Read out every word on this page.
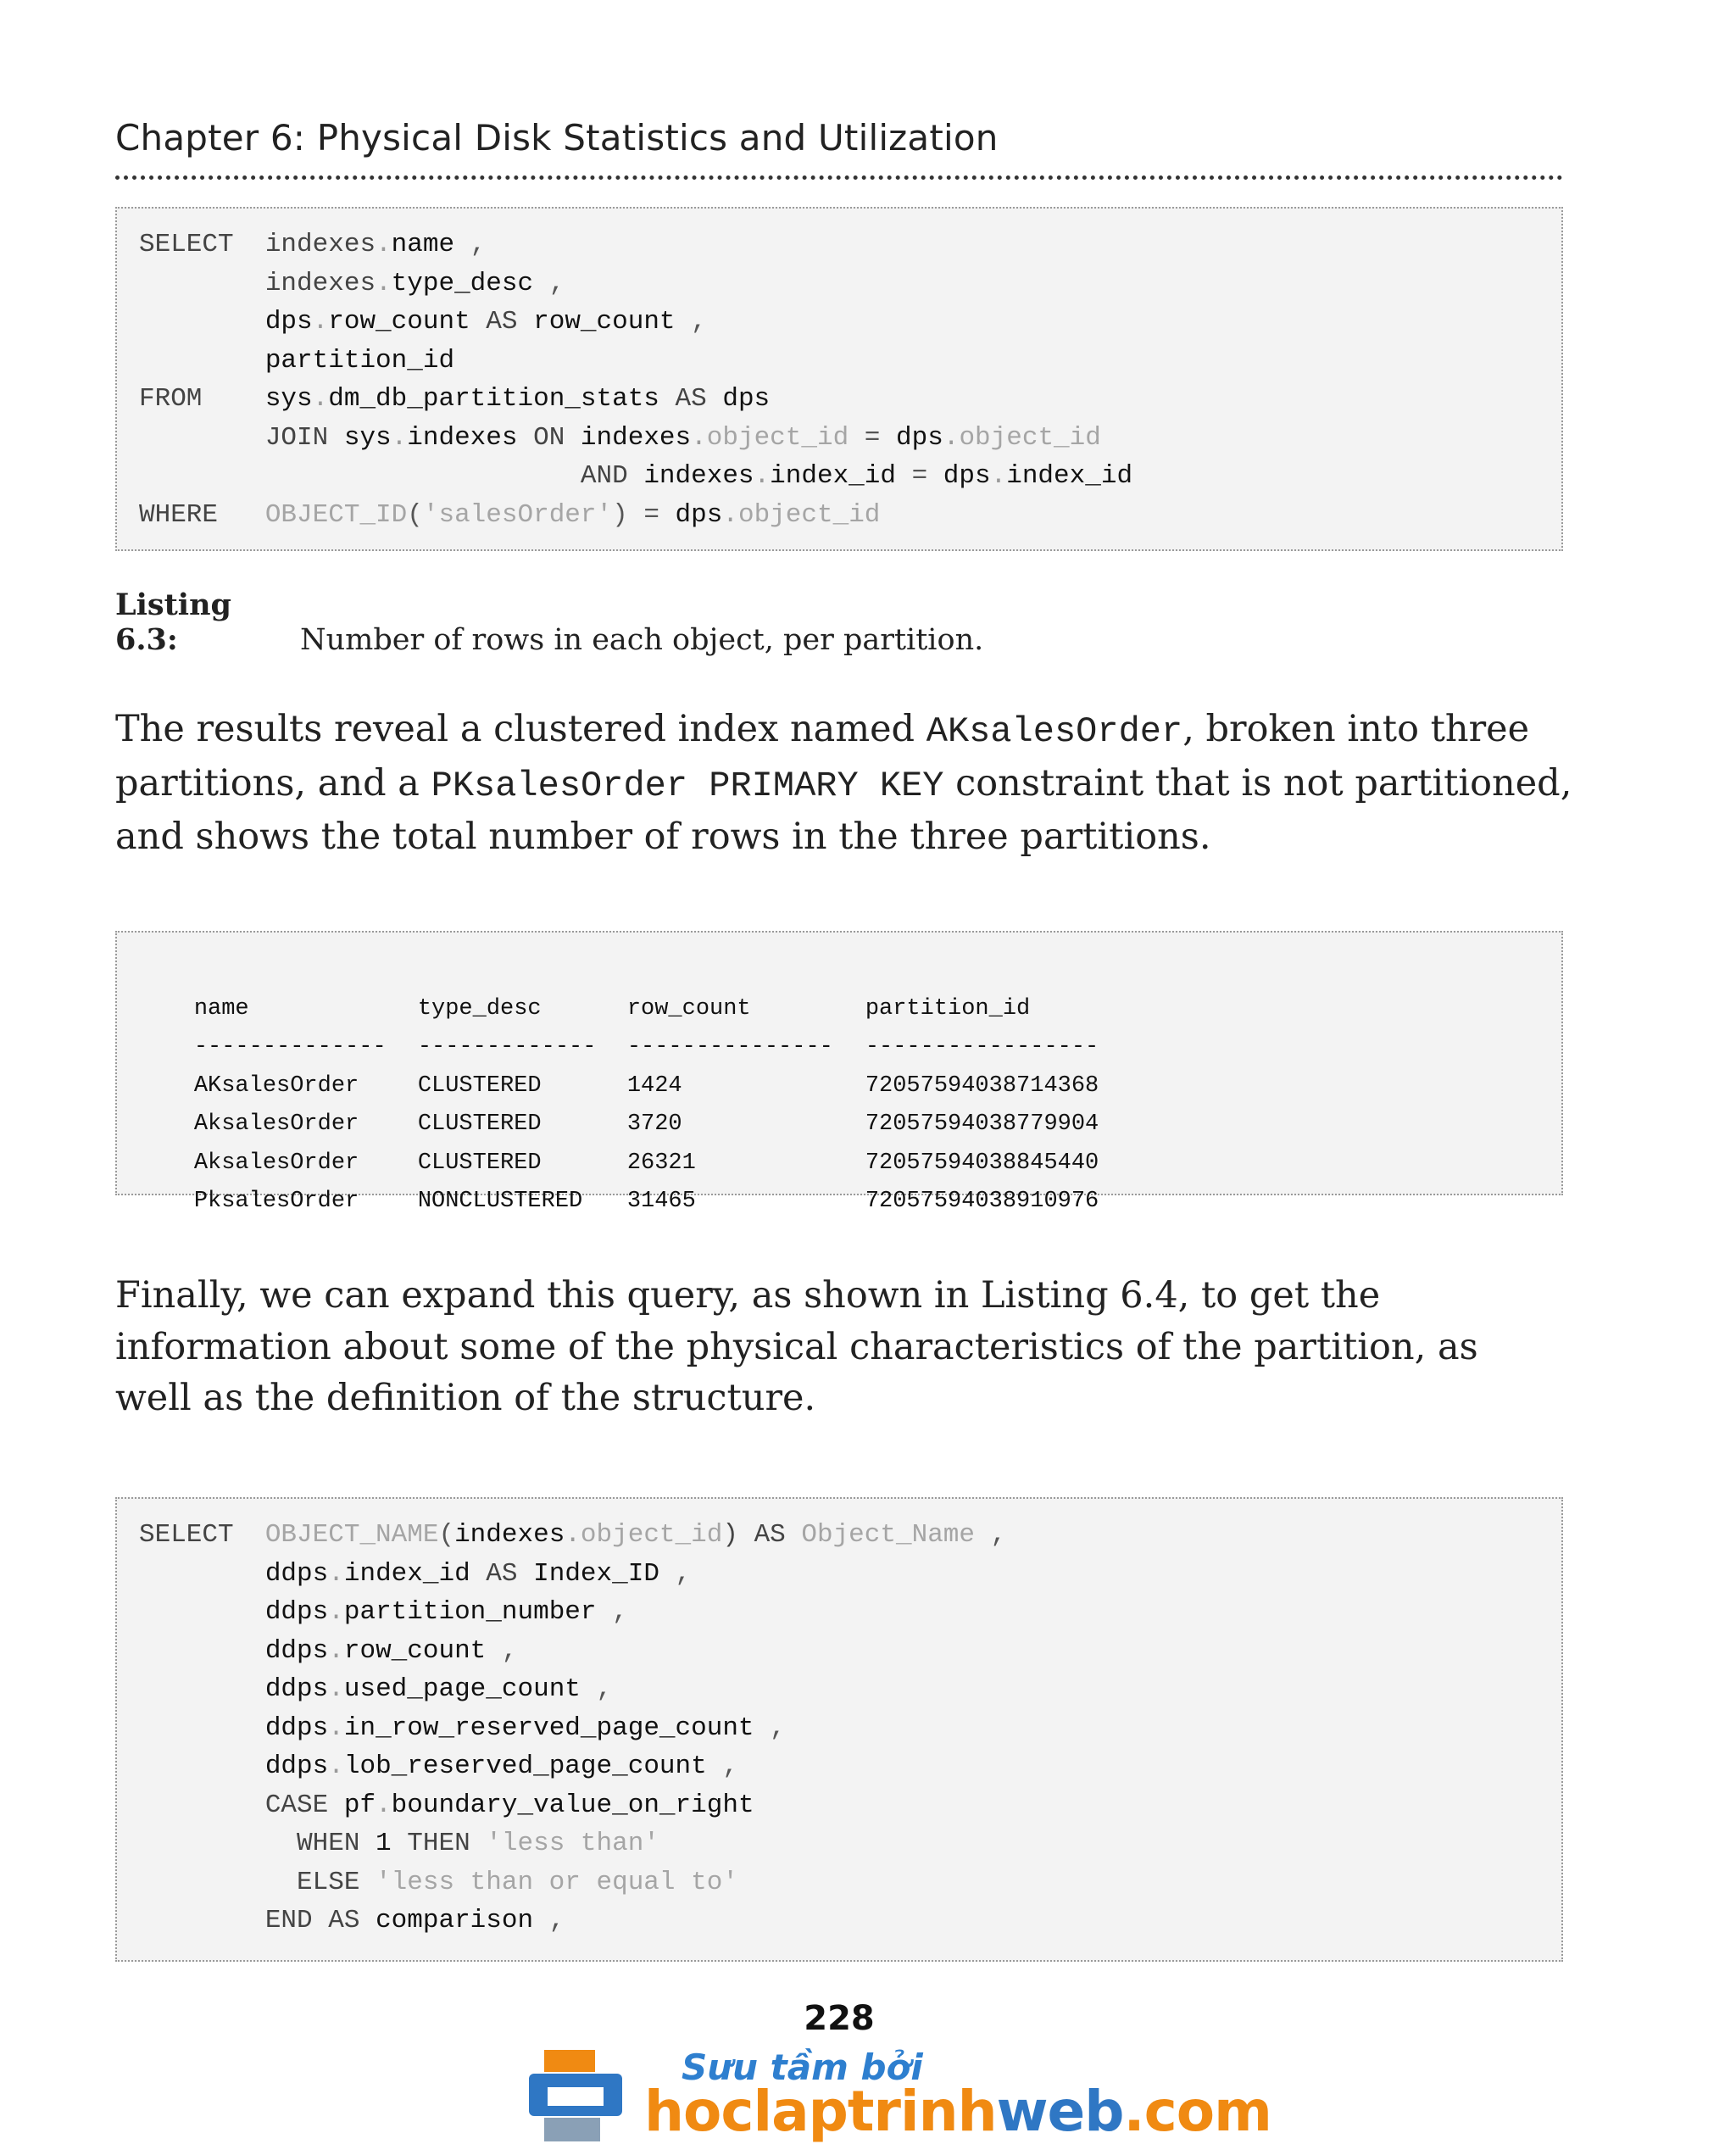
Chapter 6: Physical Disk Statistics and Utilization
SELECT  indexes.name ,
indexes.type_desc ,
dps.row_count AS row_count ,
partition_id
FROM    sys.dm_db_partition_stats AS dps
JOIN sys.indexes ON indexes.object_id = dps.object_id
AND indexes.index_id = dps.index_id
WHERE   OBJECT_ID('salesOrder') = dps.object_id
Listing 6.3:	Number of rows in each object, per partition.
The results reveal a clustered index named AKsalesOrder, broken into three partitions, and a PKsalesOrder PRIMARY KEY constraint that is not partitioned, and shows the total number of rows in the three partitions.

name	type_desc	row_count	partition_id

-------------- ------------- --------------- -----------------

AKsalesOrder	CLUSTERED	1424	72057594038714368

AksalesOrder	CLUSTERED	3720	72057594038779904

AksalesOrder	CLUSTERED	26321	72057594038845440

PksalesOrder	NONCLUSTERED 31465	72057594038910976

Finally, we can expand this query, as shown in Listing 6.4, to get the information about some of the physical characteristics of the partition, as well as the definition of the structure.
SELECT  OBJECT_NAME(indexes.object_id) AS Object_Name ,
ddps.index_id AS Index_ID ,
ddps.partition_number ,
ddps.row_count ,
ddps.used_page_count ,
ddps.in_row_reserved_page_count ,
ddps.lob_reserved_page_count ,
CASE pf.boundary_value_on_right
WHEN 1 THEN 'less than'
ELSE 'less than or equal to'
END AS comparison ,
228
Sưu tầm bởi
hoclaptrinhweb.com
